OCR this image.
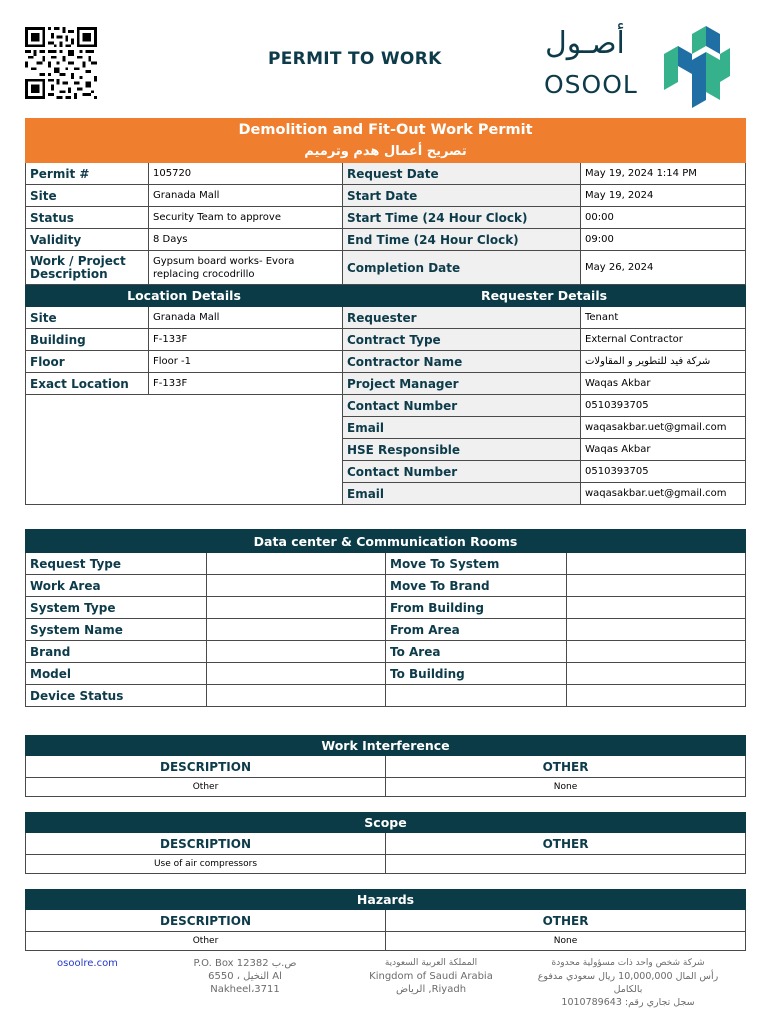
PERMIT TO WORK	أصـول
OSOOL
Demolition and Fit-Out Work Permit			
تصريح أعمال هدم وترميم			
Permit #	105720	Request Date	May 19, 2024 1:14 PM
Site	Granada Mall	Start Date	May 19, 2024
Status	Security Team to approve	Start Time (24 Hour Clock)	00:00
Validity	8 Days	End Time (24 Hour Clock)	09:00
Work / Project Description	Gypsum board works- Evora replacing crocodrillo	Completion Date	May 26, 2024
Location Details		Requester Details	
Site	Granada Mall	Requester	Tenant
Building	F-133F	Contract Type	External Contractor
Floor	Floor -1	Contractor Name	شركة فيد للتطوير و المقاولات
Exact Location	F-133F	Project Manager	Waqas Akbar
		Contact Number	0510393705
		Email	waqasakbar.uet@gmail.com
		HSE Responsible	Waqas Akbar
		Contact Number	0510393705
		Email	waqasakbar.uet@gmail.com
Data center & Communication Rooms			
Request Type		Move To System	
Work Area		Move To Brand	
System Type		From Building	
System Name		From Area	
Brand		To Area	
Model		To Building	
Device Status			
Work Interference	
DESCRIPTION	OTHER
Other	None
Scope	
DESCRIPTION	OTHER
Use of air compressors	
Hazards	
DESCRIPTION	OTHER
Other	None
osoolre.com	P.O. Box 12382 ص.ب
6550 ، النخيل Al Nakheel،3711
المملكة العربية السعودية
Kingdom of Saudi Arabia
الرياض ,Riyadh
شركة شخص واحد ذات مسؤولية محدودة
رأس المال 10,000,000 ريال سعودي مدفوع بالكامل
سجل تجاري رقم: 1010789643
